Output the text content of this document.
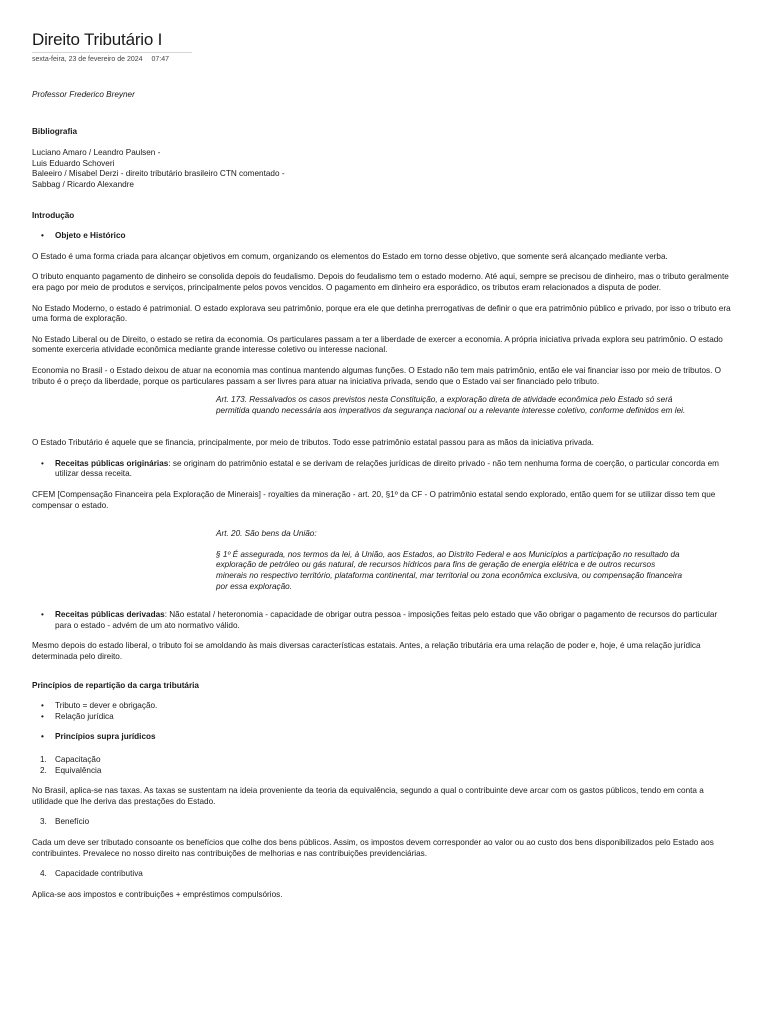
Direito Tributário I
sexta-feira, 23 de fevereiro de 2024 07:47

Professor Frederico Breyner

Bibliografia

Luciano Amaro / Leandro Paulsen -

Luis Eduardo Schoveri

Baleeiro / Misabel Derzi - direito tributário brasileiro CTN comentado -

Sabbag / Ricardo Alexandre

Introdução

• Objeto e Histórico

O Estado é uma forma criada para alcançar objetivos em comum, organizando os elementos do Estado em torno desse objetivo, que somente será alcançado mediante verba.

O tributo enquanto pagamento de dinheiro se consolida depois do feudalismo. Depois do feudalismo tem o estado moderno. Até aqui, sempre se precisou de dinheiro, mas o tributo geralmente era pago por meio de produtos e serviços, principalmente pelos povos vencidos. O pagamento em dinheiro era esporádico, os tributos eram relacionados a disputa de poder.

No Estado Moderno, o estado é patrimonial. O estado explorava seu patrimônio, porque era ele que detinha prerrogativas de definir o que era patrimônio público e privado, por isso o tributo era uma forma de exploração.

No Estado Liberal ou de Direito, o estado se retira da economia. Os particulares passam a ter a liberdade de exercer a economia. A própria iniciativa privada explora seu patrimônio. O estado somente exerceria atividade econômica mediante grande interesse coletivo ou interesse nacional.

Economia no Brasil - o Estado deixou de atuar na economia mas continua mantendo algumas funções. O Estado não tem mais patrimônio, então ele vai financiar isso por meio de tributos. O tributo é o preço da liberdade, porque os particulares passam a ser livres para atuar na iniciativa privada, sendo que o Estado vai ser financiado pelo tributo.

Art. 173. Ressalvados os casos previstos nesta Constituição, a exploração direta de atividade econômica pelo Estado só será permitida quando necessária aos imperativos da segurança nacional ou a relevante interesse coletivo, conforme definidos em lei.

O Estado Tributário é aquele que se financia, principalmente, por meio de tributos. Todo esse patrimônio estatal passou para as mãos da iniciativa privada.

• Receitas públicas originárias: se originam do patrimônio estatal e se derivam de relações jurídicas de direito privado - não tem nenhuma forma de coerção, o particular concorda em utilizar dessa receita.

CFEM [Compensação Financeira pela Exploração de Minerais] - royalties da mineração - art. 20, §1º da CF - O patrimônio estatal sendo explorado, então quem for se utilizar disso tem que compensar o estado.

Art. 20. São bens da União:

§ 1º É assegurada, nos termos da lei, à União, aos Estados, ao Distrito Federal e aos Municípios a participação no resultado da exploração de petróleo ou gás natural, de recursos hídricos para fins de geração de energia elétrica e de outros recursos minerais no respectivo território, plataforma continental, mar territorial ou zona econômica exclusiva, ou compensação financeira por essa exploração.

• Receitas públicas derivadas: Não estatal / heteronomia - capacidade de obrigar outra pessoa - imposições feitas pelo estado que vão obrigar o pagamento de recursos do particular para o estado - advém de um ato normativo válido.

Mesmo depois do estado liberal, o tributo foi se amoldando às mais diversas características estatais. Antes, a relação tributária era uma relação de poder e, hoje, é uma relação jurídica determinada pelo direito.

Princípios de repartição da carga tributária

• Tributo = dever e obrigação.
• Relação jurídica
• Princípios supra jurídicos
1. Capacitação
2. Equivalência

No Brasil, aplica-se nas taxas. As taxas se sustentam na ideia proveniente da teoria da equivalência, segundo a qual o contribuinte deve arcar com os gastos públicos, tendo em conta a utilidade que lhe deriva das prestações do Estado.

3. Benefício

Cada um deve ser tributado consoante os benefícios que colhe dos bens públicos. Assim, os impostos devem corresponder ao valor ou ao custo dos bens disponibilizados pelo Estado aos contribuintes. Prevalece no nosso direito nas contribuições de melhorias e nas contribuições previdenciárias.

4. Capacidade contributiva

Aplica-se aos impostos e contribuições + empréstimos compulsórios.
